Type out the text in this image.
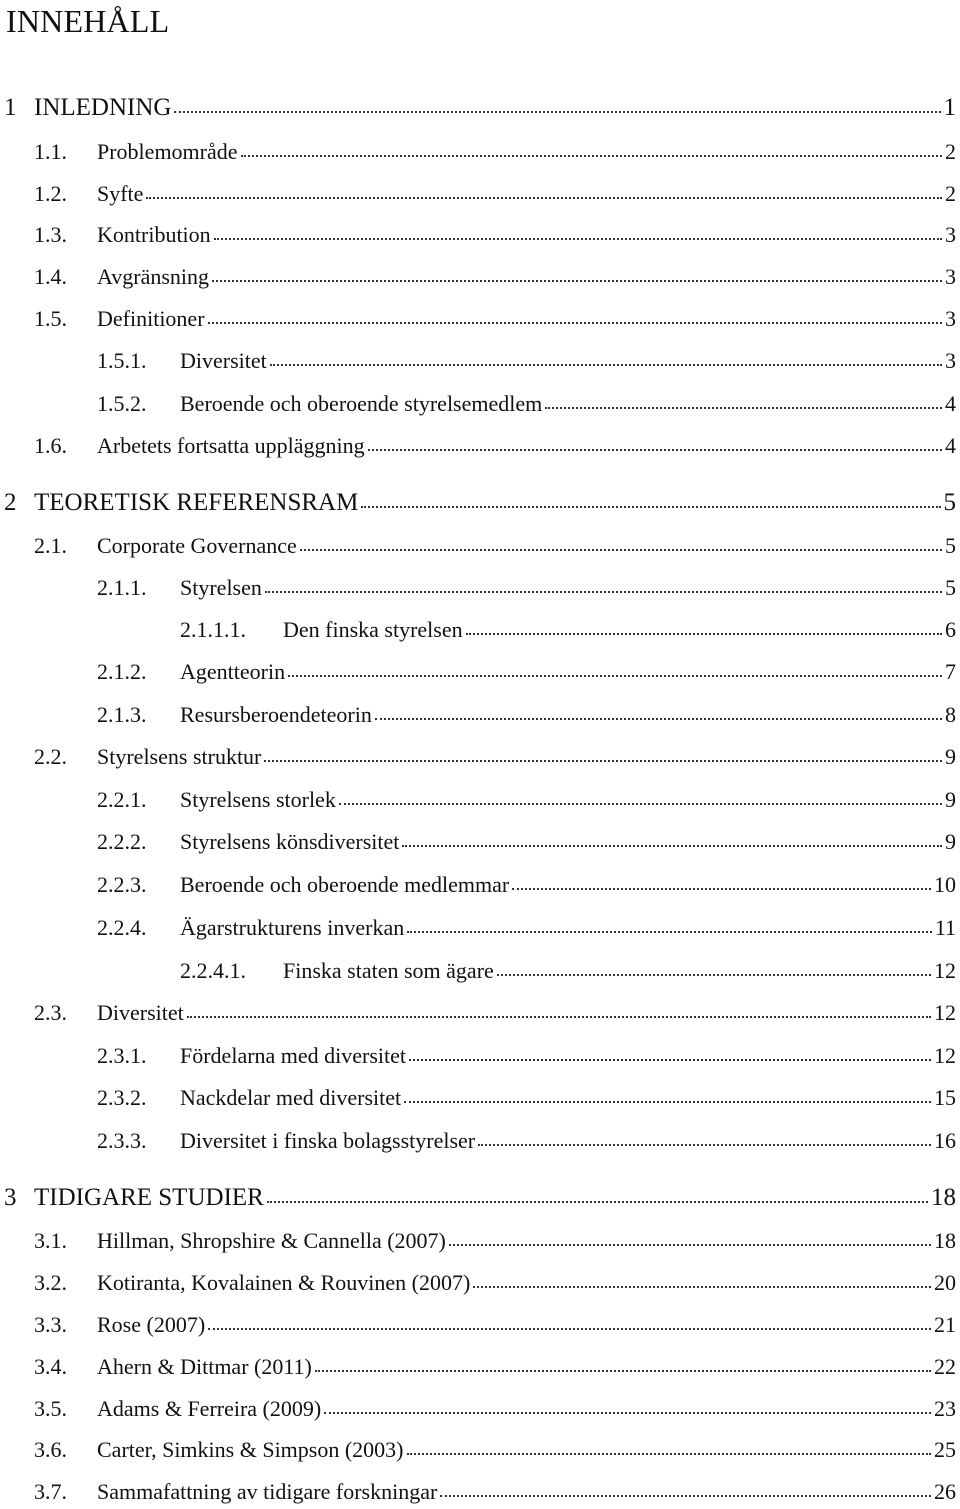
INNEHÅLL
1 INLEDNING	1
1.1.	Problemområde	2
1.2.	Syfte	2
1.3.	Kontribution	3
1.4.	Avgränsning	3
1.5.	Definitioner	3
1.5.1.	Diversitet	3
1.5.2.	Beroende och oberoende styrelsemedlem	4
1.6.	Arbetets fortsatta uppläggning	4
2 TEORETISK REFERENSRAM	5
2.1.	Corporate Governance	5
2.1.1.	Styrelsen	5
2.1.1.1.	Den finska styrelsen	6
2.1.2.	Agentteorin	7
2.1.3.	Resursberoendeteorin	8
2.2.	Styrelsens struktur	9
2.2.1.	Styrelsens storlek	9
2.2.2.	Styrelsens könsdiversitet	9
2.2.3.	Beroende och oberoende medlemmar	10
2.2.4.	Ägarstrukturens inverkan	11
2.2.4.1.	Finska staten som ägare	12
2.3.	Diversitet	12
2.3.1.	Fördelarna med diversitet	12
2.3.2.	Nackdelar med diversitet	15
2.3.3.	Diversitet i finska bolagsstyrelser	16
3 TIDIGARE STUDIER	18
3.1.	Hillman, Shropshire & Cannella (2007)	18
3.2.	Kotiranta, Kovalainen & Rouvinen (2007)	20
3.3.	Rose (2007)	21
3.4.	Ahern & Dittmar (2011)	22
3.5.	Adams & Ferreira (2009)	23
3.6.	Carter, Simkins & Simpson (2003)	25
3.7.	Sammafattning av tidigare forskningar	26
